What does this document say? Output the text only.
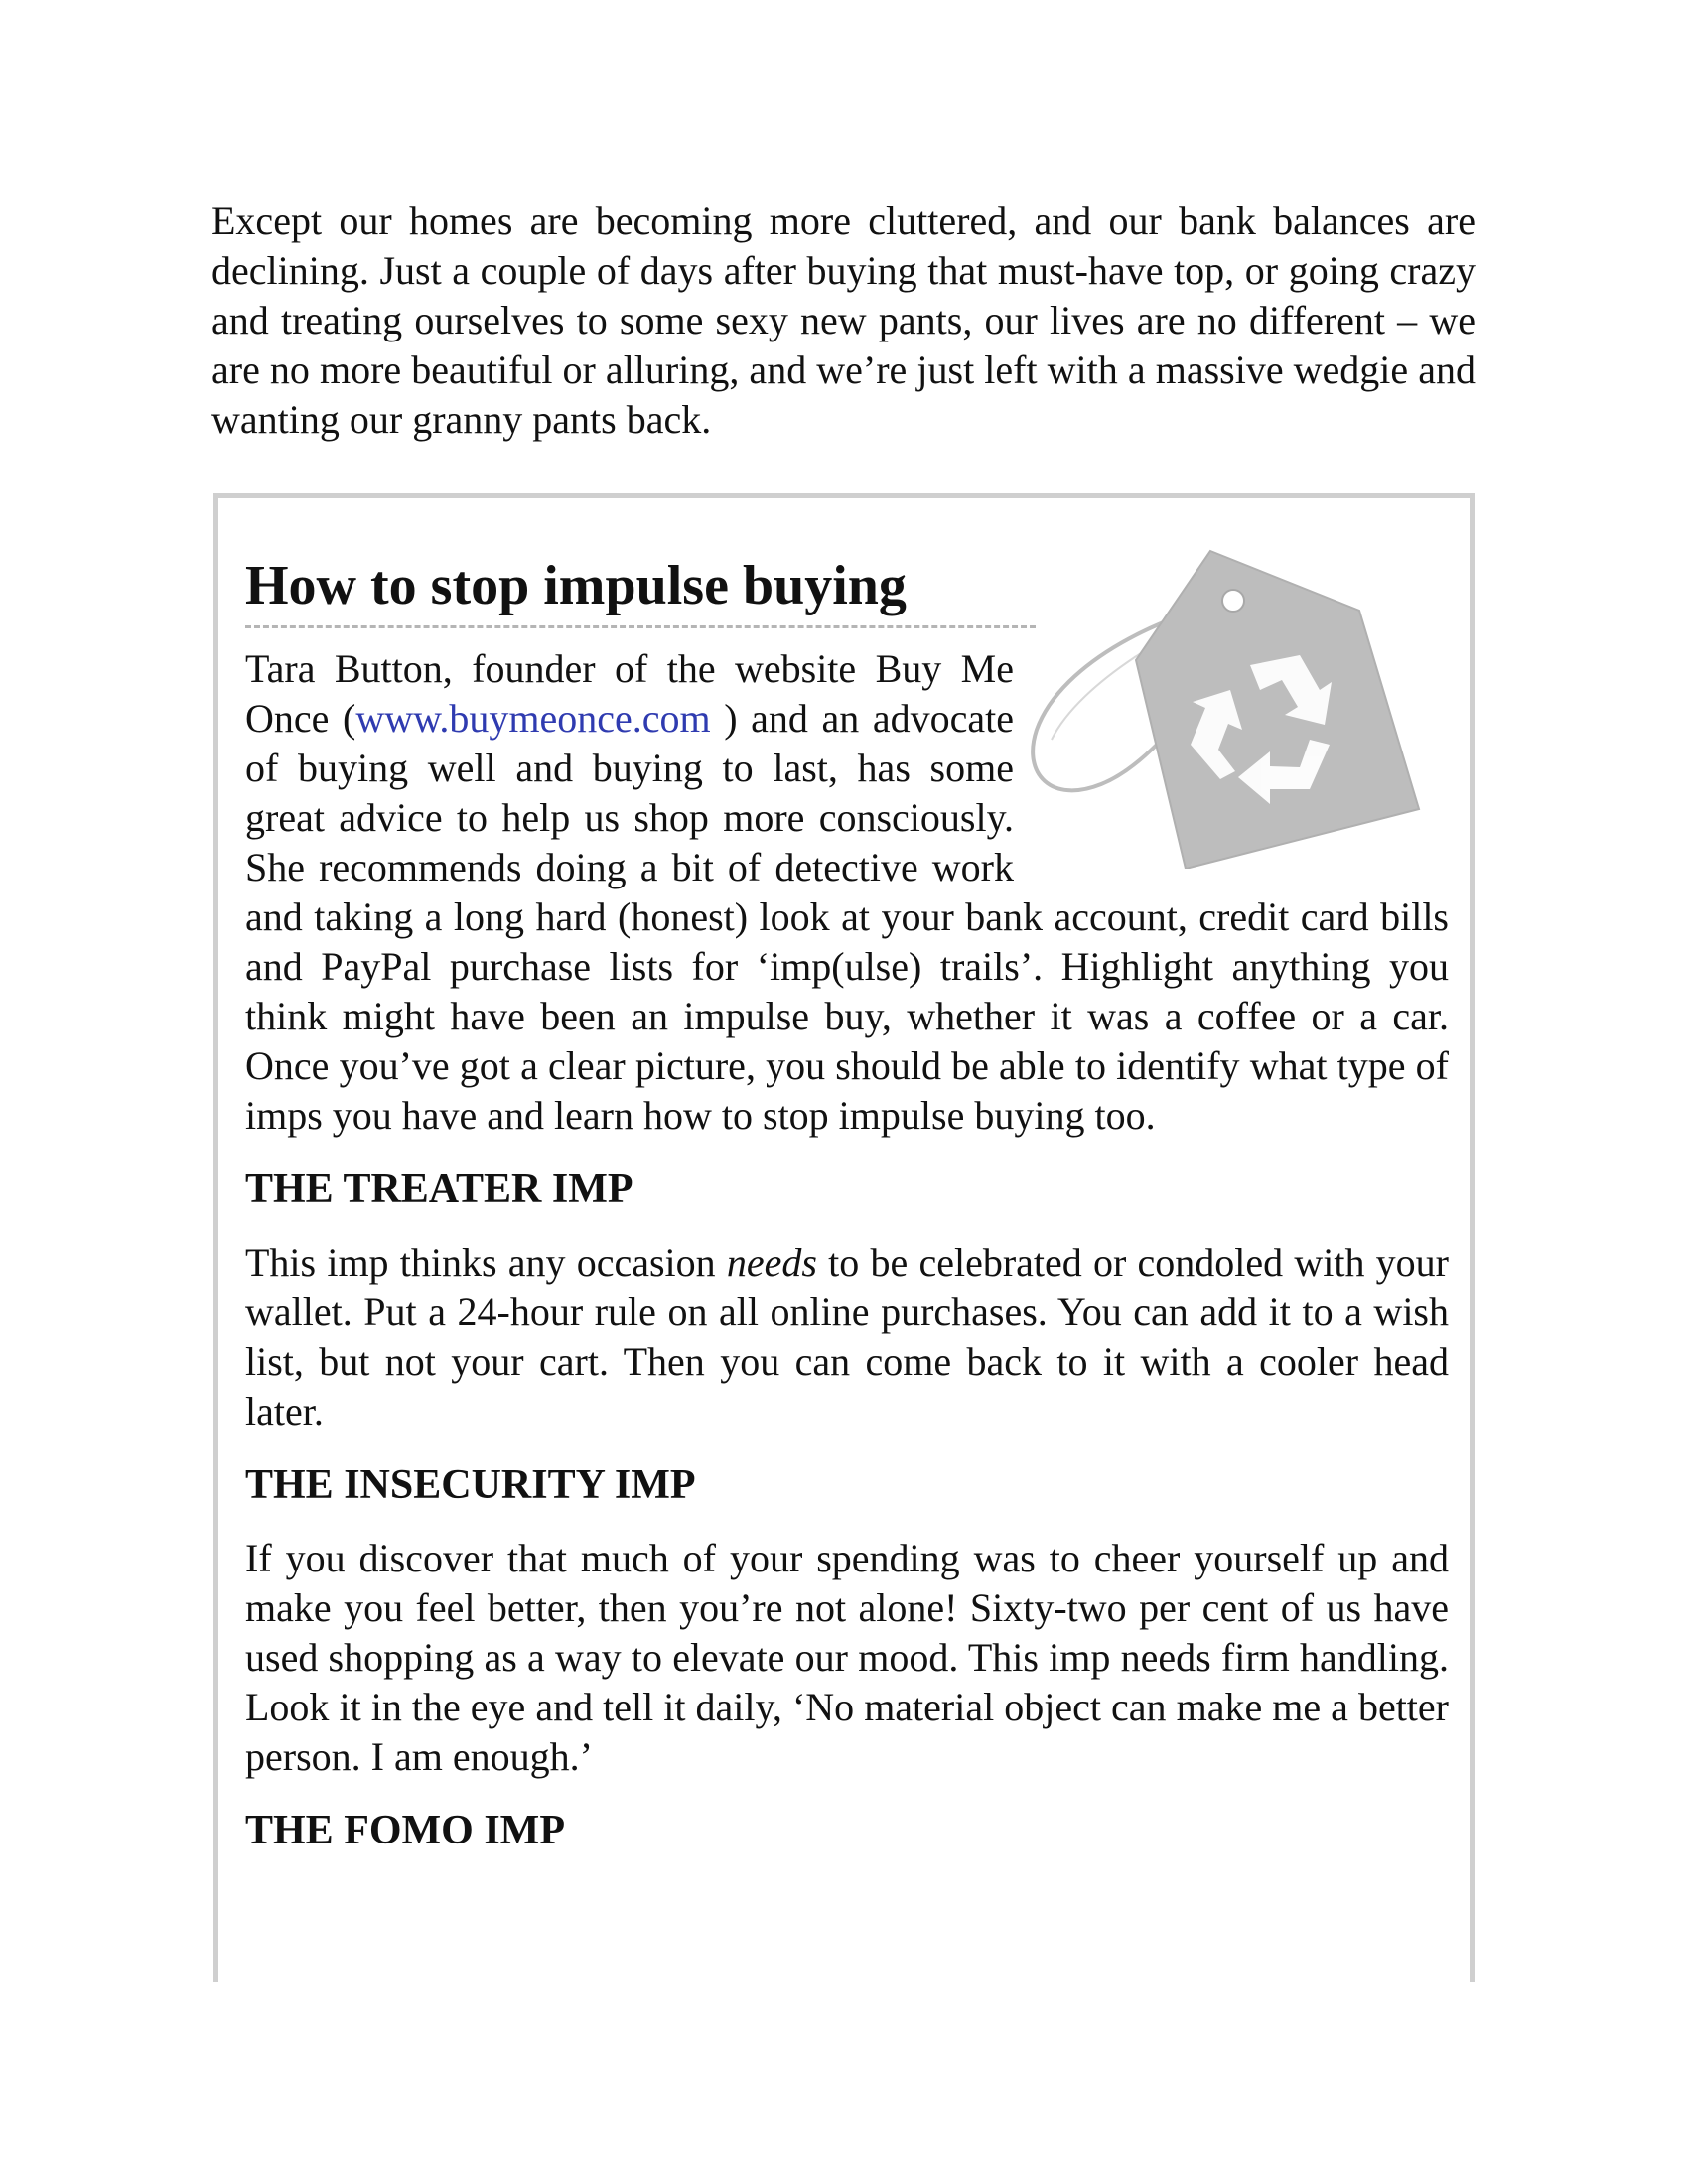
Except our homes are becoming more cluttered, and our bank balances are declining. Just a couple of days after buying that must-have top, or going crazy and treating ourselves to some sexy new pants, our lives are no different – we are no more beautiful or alluring, and we’re just left with a massive wedgie and wanting our granny pants back.

How to stop impulse buying

Tara Button, founder of the website Buy Me Once (www.buymeonce.com ) and an advocate of buying well and buying to last, has some great advice to help us shop more consciously. She recommends doing a bit of detective work and taking a long hard (honest) look at your bank account, credit card bills and PayPal purchase lists for ‘imp(ulse) trails’. Highlight anything you think might have been an impulse buy, whether it was a coffee or a car. Once you’ve got a clear picture, you should be able to identify what type of imps you have and learn how to stop impulse buying too.

THE TREATER IMP

This imp thinks any occasion needs to be celebrated or condoled with your wallet. Put a 24-hour rule on all online purchases. You can add it to a wish list, but not your cart. Then you can come back to it with a cooler head later.

THE INSECURITY IMP

If you discover that much of your spending was to cheer yourself up and make you feel better, then you’re not alone! Sixty-two per cent of us have used shopping as a way to elevate our mood. This imp needs firm handling. Look it in the eye and tell it daily, ‘No material object can make me a better person. I am enough.’

THE FOMO IMP
